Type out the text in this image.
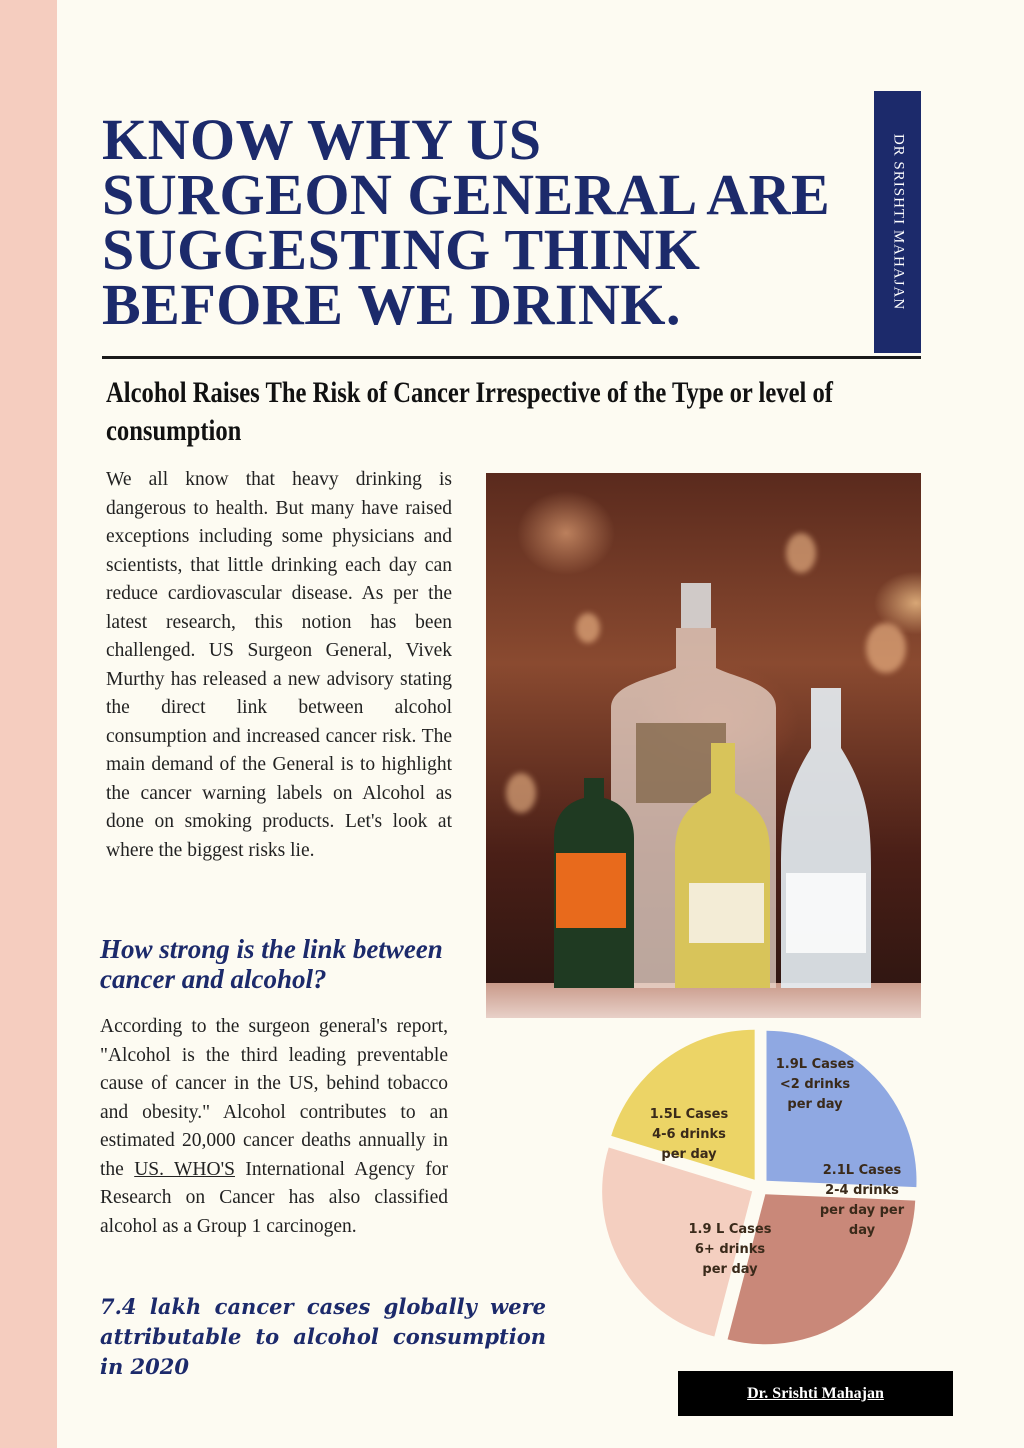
KNOW WHY US
SURGEON GENERAL ARE
SUGGESTING THINK
BEFORE WE DRINK.	DR SRISHTI MAHAJAN
Alcohol Raises The Risk of Cancer Irrespective of the Type or level of consumption

We all know that heavy drinking is dangerous to health. But many have raised exceptions including some physicians and scientists, that little drinking each day can reduce cardiovascular disease. As per the latest research, this notion has been challenged. US Surgeon General, Vivek Murthy has released a new advisory stating the direct link between alcohol consumption and increased cancer risk. The main demand of the General is to highlight the cancer warning labels on Alcohol as done on smoking products. Let's look at where the biggest risks lie.

1.9L Cases
<2 drinks
per day
2.1L Cases
2-4 drinks
per day per
day
1.9 L Cases
6+ drinks
per day
1.5L Cases
4-6 drinks
per day
How strong is the link between cancer and alcohol?

According to the surgeon general's report, "Alcohol is the third leading preventable cause of cancer in the US, behind tobacco and obesity." Alcohol contributes to an estimated 20,000 cancer deaths annually in the US. WHO'S International Agency for Research on Cancer has also classified alcohol as a Group 1 carcinogen.

7.4 lakh cancer cases globally were attributable to alcohol consumption in 2020

Dr. Srishti Mahajan
